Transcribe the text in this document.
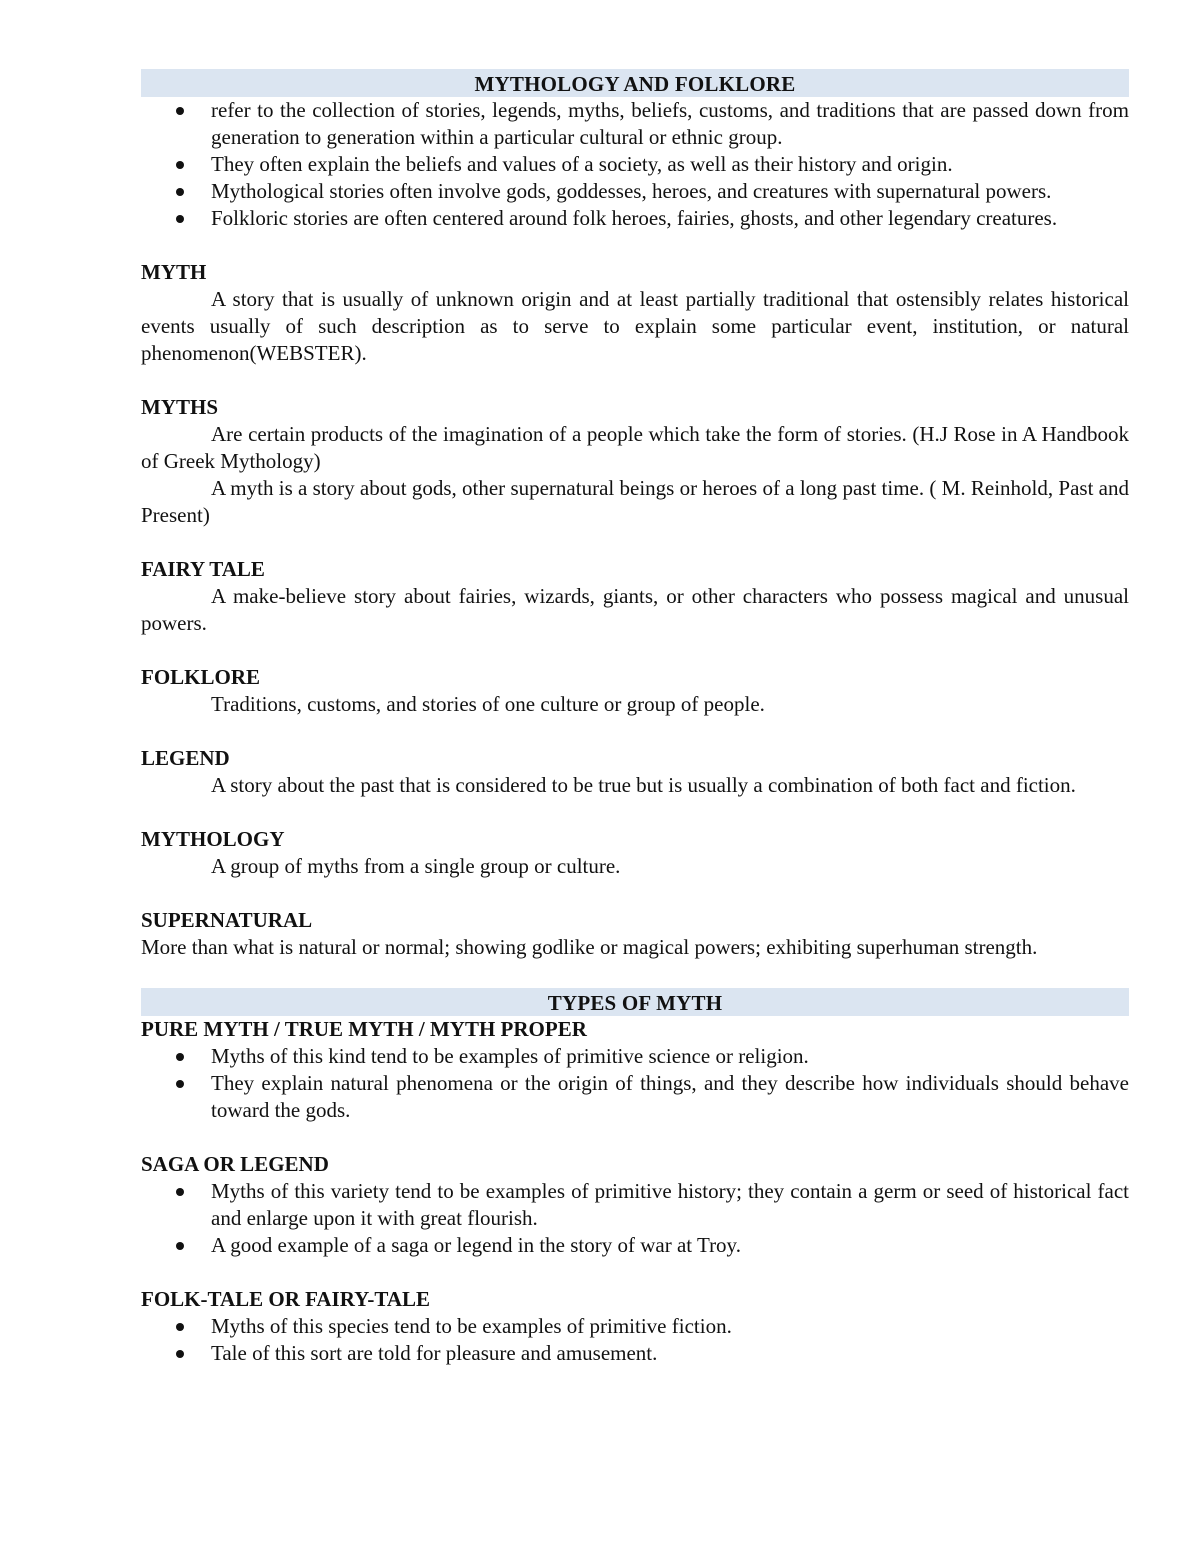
MYTHOLOGY AND FOLKLORE
refer to the collection of stories, legends, myths, beliefs, customs, and traditions that are passed down from generation to generation within a particular cultural or ethnic group.
They often explain the beliefs and values of a society, as well as their history and origin.
Mythological stories often involve gods, goddesses, heroes, and creatures with supernatural powers.
Folkloric stories are often centered around folk heroes, fairies, ghosts, and other legendary creatures.
MYTH
A story that is usually of unknown origin and at least partially traditional that ostensibly relates historical events usually of such description as to serve to explain some particular event, institution, or natural phenomenon(WEBSTER).
MYTHS
Are certain products of the imagination of a people which take the form of stories. (H.J Rose in A Handbook of Greek Mythology)
A myth is a story about gods, other supernatural beings or heroes of a long past time. ( M. Reinhold, Past and Present)
FAIRY TALE
A make-believe story about fairies, wizards, giants, or other characters who possess magical and unusual powers.
FOLKLORE
Traditions, customs, and stories of one culture or group of people.
LEGEND
A story about the past that is considered to be true but is usually a combination of both fact and fiction.
MYTHOLOGY
A group of myths from a single group or culture.
SUPERNATURAL
More than what is natural or normal; showing godlike or magical powers; exhibiting superhuman strength.
TYPES OF MYTH
PURE MYTH / TRUE MYTH / MYTH PROPER
Myths of this kind tend to be examples of primitive science or religion.
They explain natural phenomena or the origin of things, and they describe how individuals should behave toward the gods.
SAGA OR LEGEND
Myths of this variety tend to be examples of primitive history; they contain a germ or seed of historical fact and enlarge upon it with great flourish.
A good example of a saga or legend in the story of war at Troy.
FOLK-TALE OR FAIRY-TALE
Myths of this species tend to be examples of primitive fiction.
Tale of this sort are told for pleasure and amusement.
